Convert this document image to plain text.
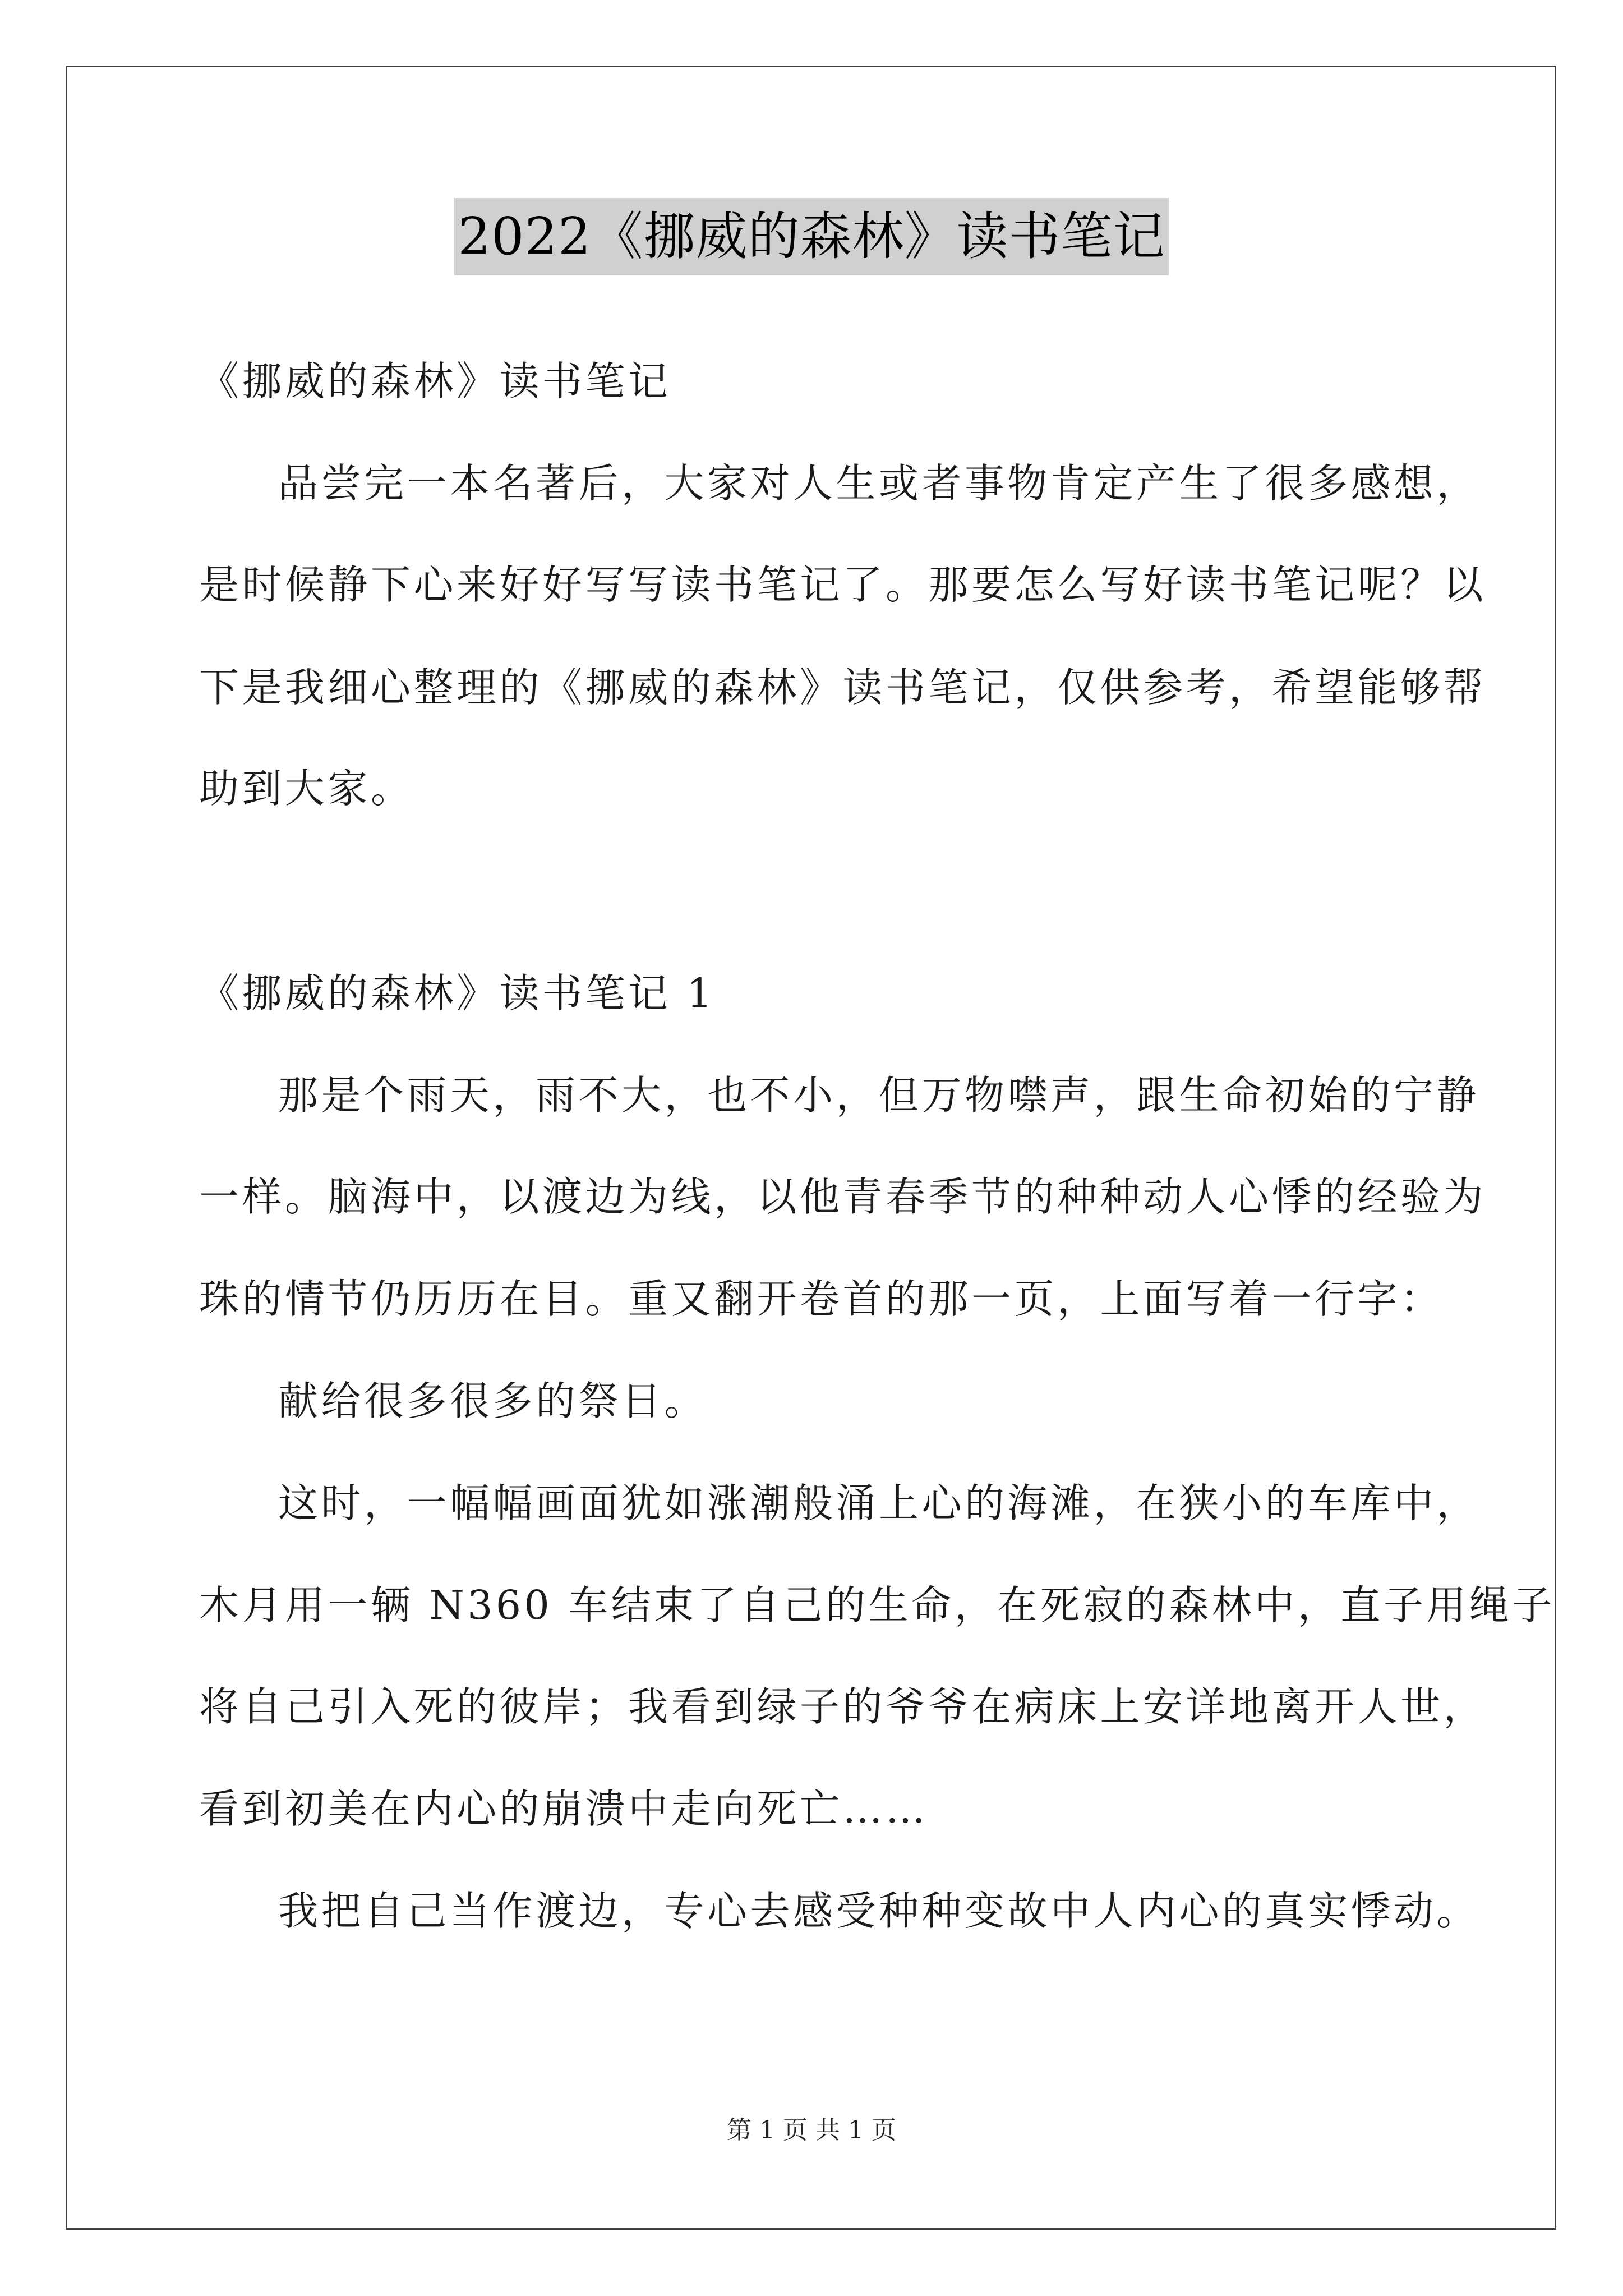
2022《挪威的森林》读书笔记
《挪威的森林》读书笔记
品尝完一本名著后，大家对人生或者事物肯定产生了很多感想，
是时候静下心来好好写写读书笔记了。那要怎么写好读书笔记呢？以
下是我细心整理的《挪威的森林》读书笔记，仅供参考，希望能够帮
助到大家。
《挪威的森林》读书笔记 1
那是个雨天，雨不大，也不小，但万物噤声，跟生命初始的宁静
一样。脑海中，以渡边为线，以他青春季节的种种动人心悸的经验为
珠的情节仍历历在目。重又翻开卷首的那一页，上面写着一行字：
献给很多很多的祭日。
这时，一幅幅画面犹如涨潮般涌上心的海滩，在狭小的车库中，
木月用一辆 N360 车结束了自己的生命，在死寂的森林中，直子用绳子
将自己引入死的彼岸；我看到绿子的爷爷在病床上安详地离开人世，
看到初美在内心的崩溃中走向死亡……
我把自己当作渡边，专心去感受种种变故中人内心的真实悸动。
第 1 页 共 1 页
